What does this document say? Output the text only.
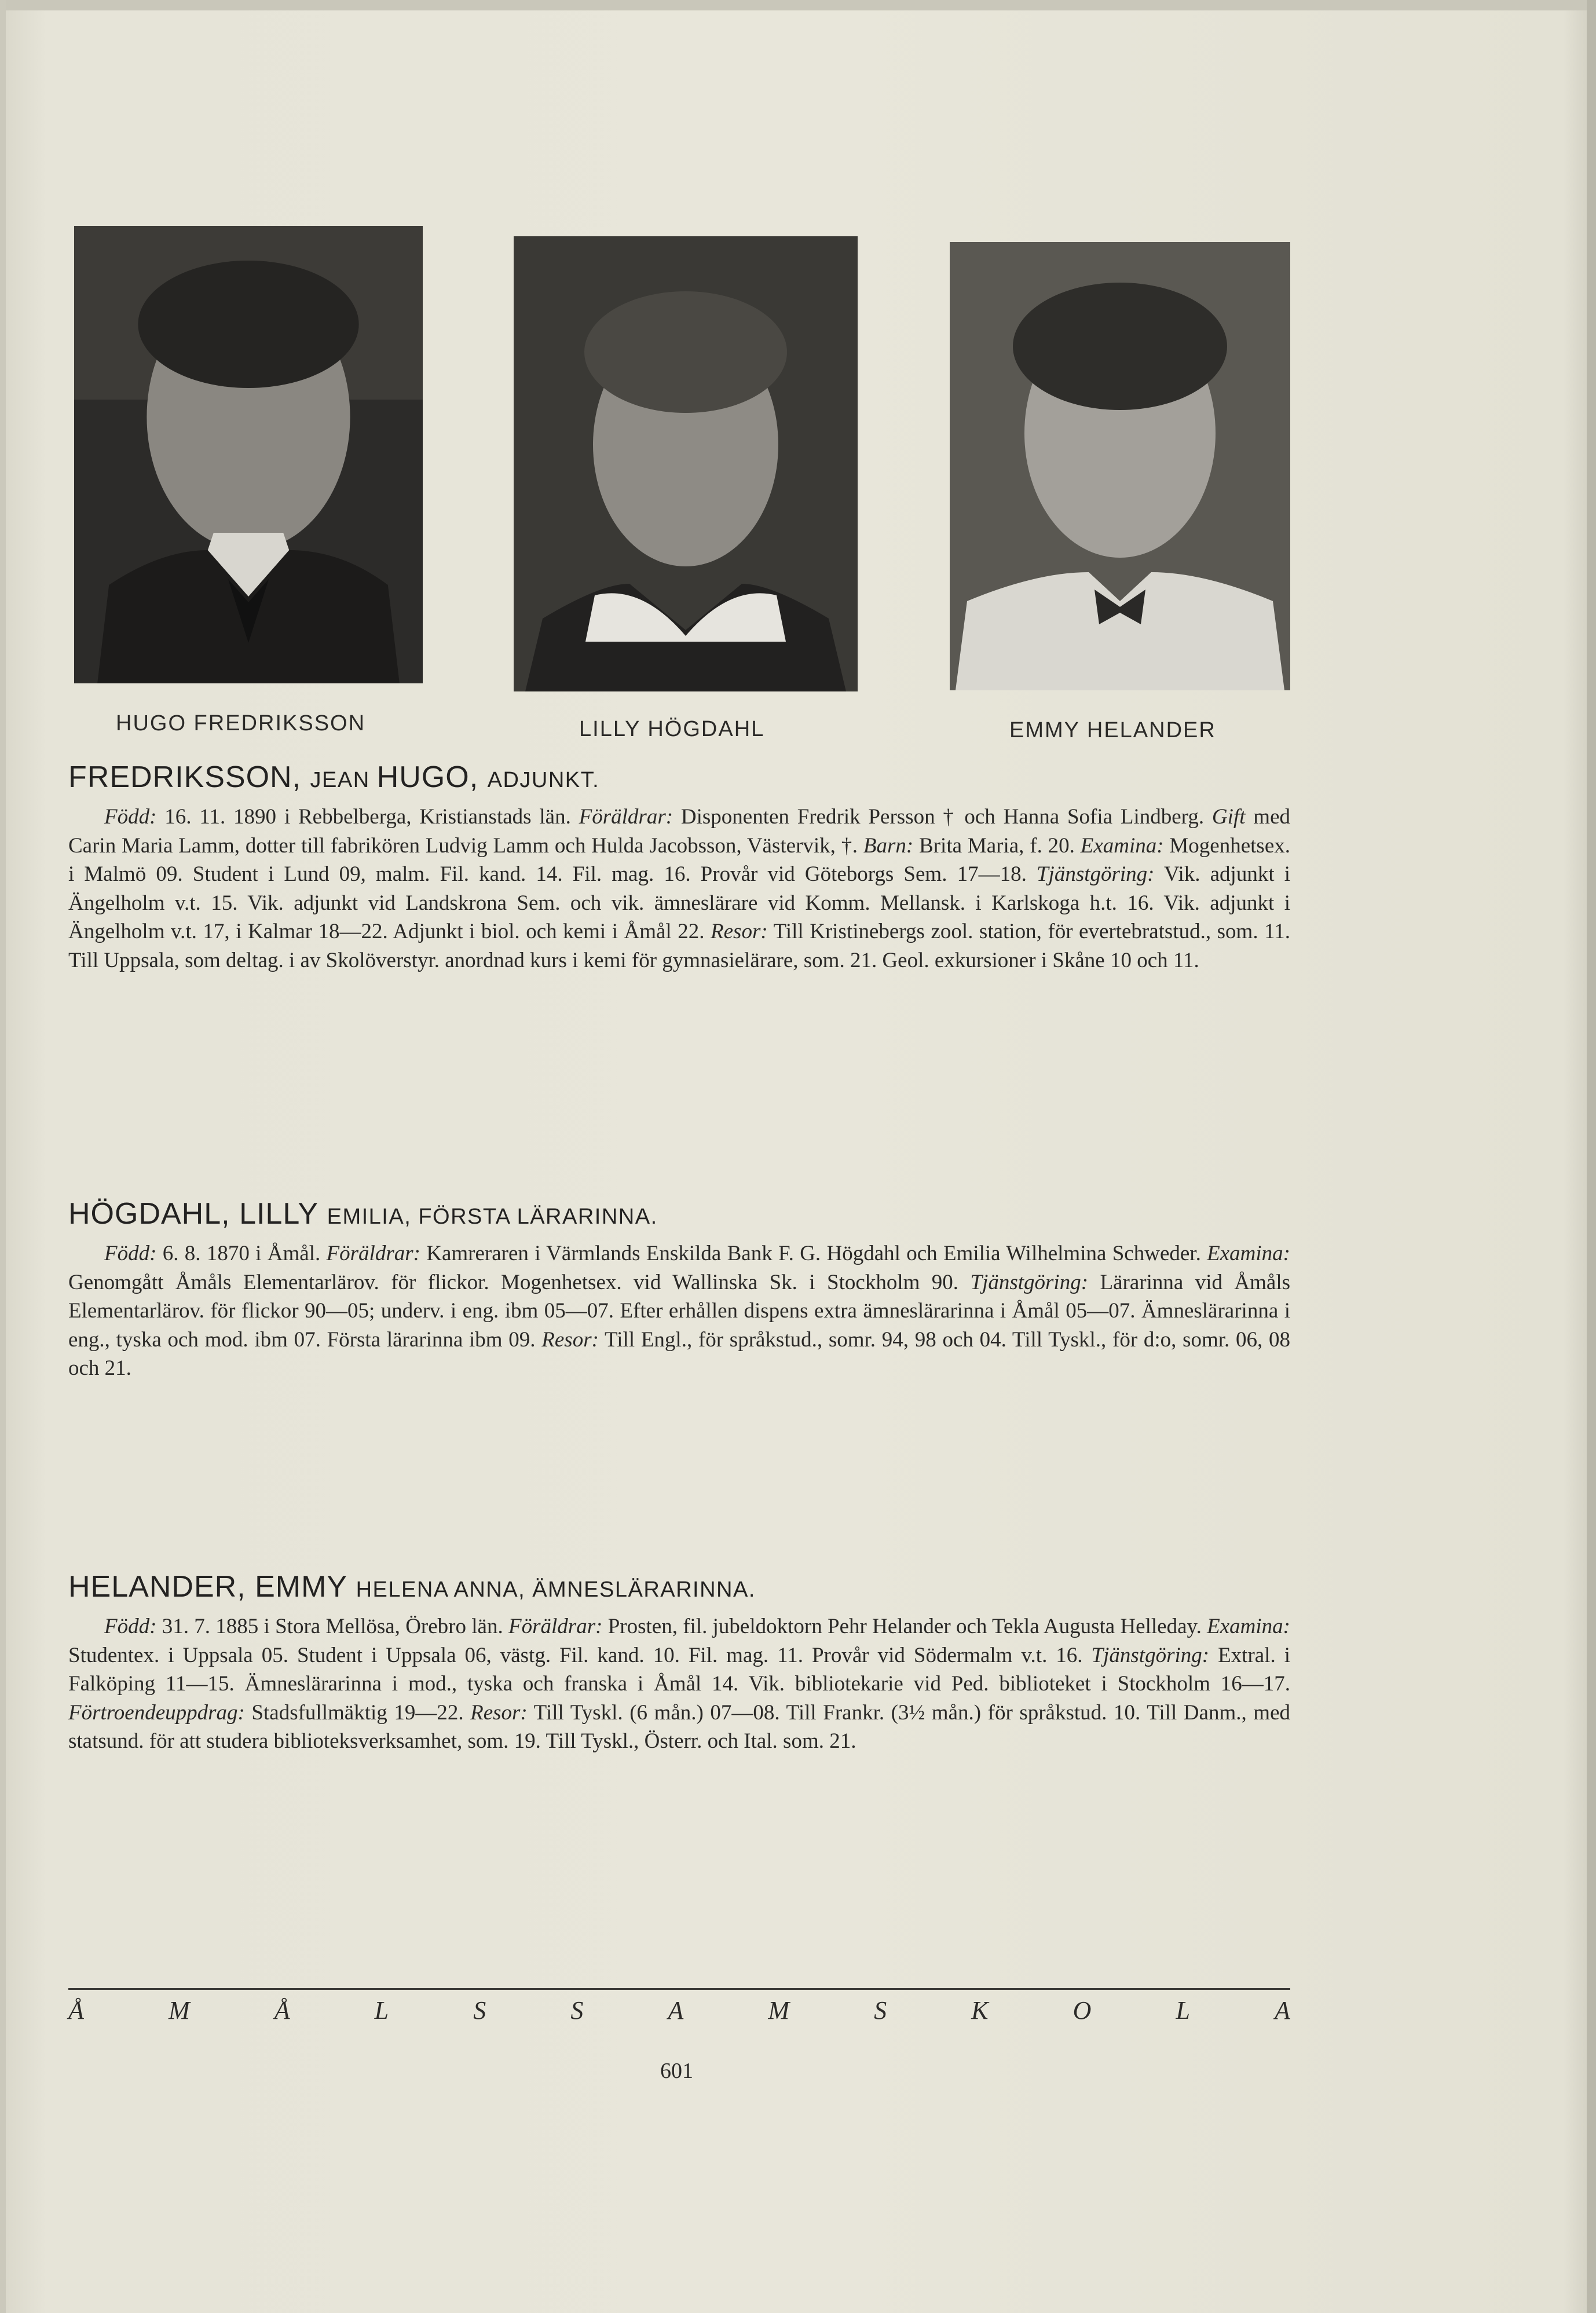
HUGO FREDRIKSSON	LILLY HÖGDAHL	EMMY HELANDER
FREDRIKSSON, JEAN HUGO, ADJUNKT.
Född: 16. 11. 1890 i Rebbelberga, Kristianstads län. Föräldrar: Disponenten Fredrik Persson † och Hanna Sofia Lindberg. Gift med Carin Maria Lamm, dotter till fabrikören Ludvig Lamm och Hulda Jacobsson, Västervik, †. Barn: Brita Maria, f. 20. Examina: Mogenhetsex. i Malmö 09. Student i Lund 09, malm. Fil. kand. 14. Fil. mag. 16. Provår vid Göteborgs Sem. 17—18. Tjänstgöring: Vik. adjunkt i Ängelholm v.t. 15. Vik. adjunkt vid Landskrona Sem. och vik. ämneslärare vid Komm. Mellansk. i Karlskoga h.t. 16. Vik. adjunkt i Ängelholm v.t. 17, i Kalmar 18—22. Adjunkt i biol. och kemi i Åmål 22. Resor: Till Kristinebergs zool. station, för evertebratstud., som. 11. Till Uppsala, som deltag. i av Skolöverstyr. anordnad kurs i kemi för gymnasielärare, som. 21. Geol. exkursioner i Skåne 10 och 11.
HÖGDAHL, LILLY EMILIA, FÖRSTA LÄRARINNA.
Född: 6. 8. 1870 i Åmål. Föräldrar: Kamreraren i Värmlands Enskilda Bank F. G. Högdahl och Emilia Wilhelmina Schweder. Examina: Genomgått Åmåls Elementarlärov. för flickor. Mogenhetsex. vid Wallinska Sk. i Stockholm 90. Tjänstgöring: Lärarinna vid Åmåls Elementarlärov. för flickor 90—05; underv. i eng. ibm 05—07. Efter erhållen dispens extra ämneslärarinna i Åmål 05—07. Ämneslärarinna i eng., tyska och mod. ibm 07. Första lärarinna ibm 09. Resor: Till Engl., för språkstud., somr. 94, 98 och 04. Till Tyskl., för d:o, somr. 06, 08 och 21.
HELANDER, EMMY HELENA ANNA, ÄMNESLÄRARINNA.
Född: 31. 7. 1885 i Stora Mellösa, Örebro län. Föräldrar: Prosten, fil. jubeldoktorn Pehr Helander och Tekla Augusta Helleday. Examina: Studentex. i Uppsala 05. Student i Uppsala 06, västg. Fil. kand. 10. Fil. mag. 11. Provår vid Södermalm v.t. 16. Tjänstgöring: Extral. i Falköping 11—15. Ämneslärarinna i mod., tyska och franska i Åmål 14. Vik. bibliotekarie vid Ped. biblioteket i Stockholm 16—17. Förtroendeuppdrag: Stadsfullmäktig 19—22. Resor: Till Tyskl. (6 mån.) 07—08. Till Frankr. (3½ mån.) för språkstud. 10. Till Danm., med statsund. för att studera biblioteksverksamhet, som. 19. Till Tyskl., Österr. och Ital. som. 21.
Å	M	Å	L	S	S	A	M	S	K	O	L	A
601
